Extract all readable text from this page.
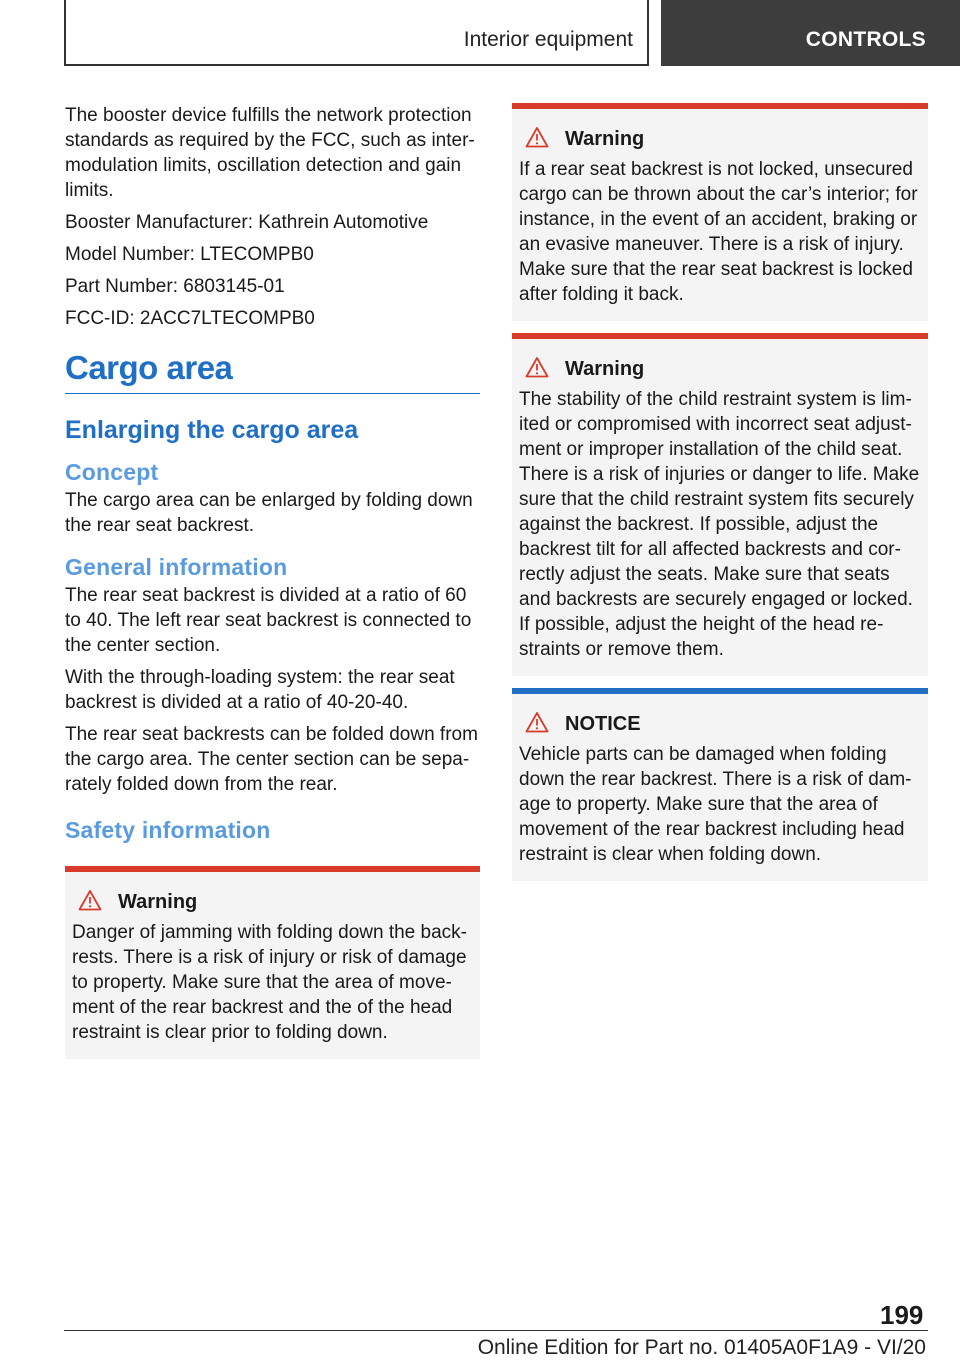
Interior equipment	CONTROLS

The booster device fulfills the network protection standards as required by the FCC, such as inter-modulation limits, oscillation detection and gain limits.

Booster Manufacturer: Kathrein Automotive

Model Number: LTECOMPB0

Part Number: 6803145-01

FCC-ID: 2ACC7LTECOMPB0

Cargo area
Enlarging the cargo area
Concept

The cargo area can be enlarged by folding down the rear seat backrest.

General information

The rear seat backrest is divided at a ratio of 60 to 40. The left rear seat backrest is connected to the center section.

With the through-loading system: the rear seat backrest is divided at a ratio of 40-20-40.

The rear seat backrests can be folded down from the cargo area. The center section can be sepa-rately folded down from the rear.

Safety information
Warning

Danger of jamming with folding down the back-rests. There is a risk of injury or risk of damage to property. Make sure that the area of move-ment of the rear backrest and the of the head restraint is clear prior to folding down.

Warning

If a rear seat backrest is not locked, unsecured cargo can be thrown about the car’s interior; for instance, in the event of an accident, braking or an evasive maneuver. There is a risk of injury. Make sure that the rear seat backrest is locked after folding it back.

Warning

The stability of the child restraint system is lim-ited or compromised with incorrect seat adjust-ment or improper installation of the child seat. There is a risk of injuries or danger to life. Make sure that the child restraint system fits securely against the backrest. If possible, adjust the backrest tilt for all affected backrests and cor-rectly adjust the seats. Make sure that seats and backrests are securely engaged or locked. If possible, adjust the height of the head re-straints or remove them.

NOTICE

Vehicle parts can be damaged when folding down the rear backrest. There is a risk of dam-age to property. Make sure that the area of movement of the rear backrest including head restraint is clear when folding down.

199
Online Edition for Part no. 01405A0F1A9 - VI/20
